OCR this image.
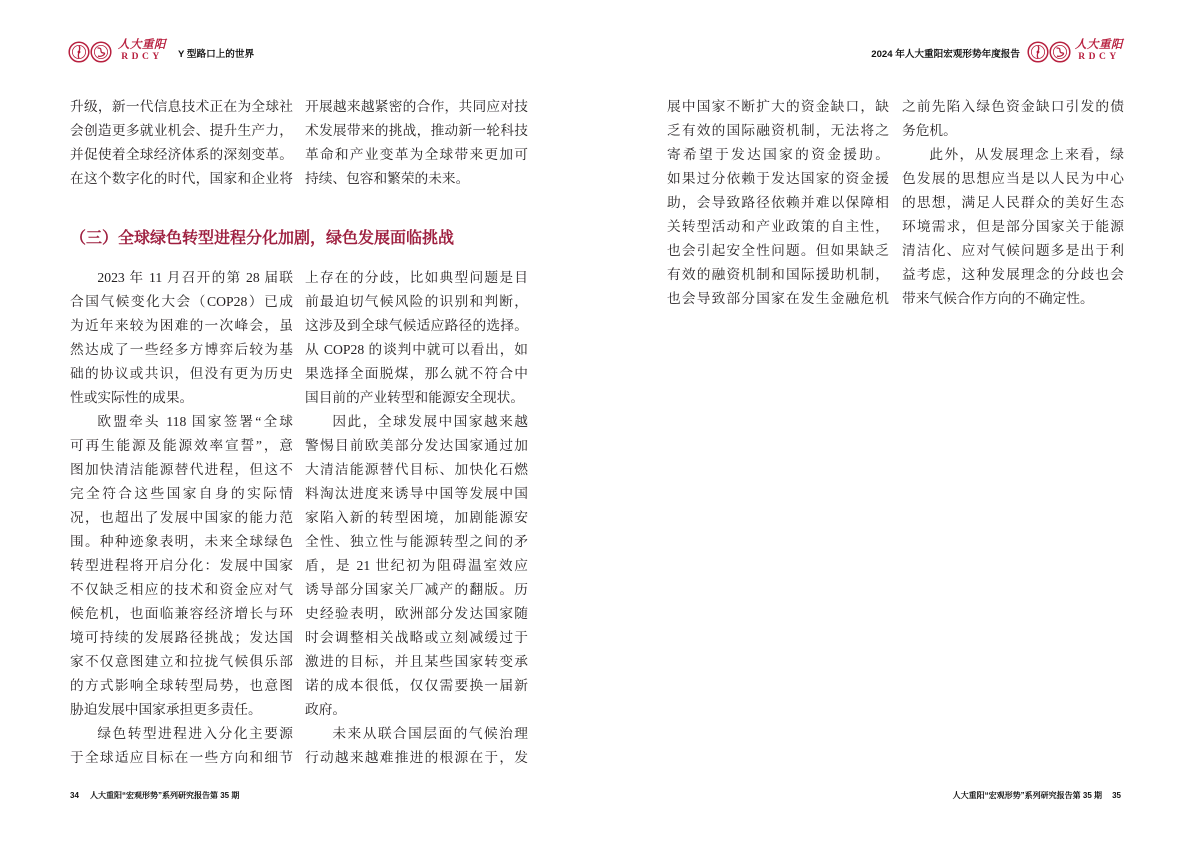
人大重阳
RDCY	Y 型路口上的世界
升级，新一代信息技术正在为全球社
会创造更多就业机会、提升生产力，
并促使着全球经济体系的深刻变革。
在这个数字化的时代，国家和企业将
开展越来越紧密的合作，共同应对技
术发展带来的挑战，推动新一轮科技
革命和产业变革为全球带来更加可
持续、包容和繁荣的未来。
（三）全球绿色转型进程分化加剧，绿色发展面临挑战
2023 年 11 月召开的第 28 届联
合国气候变化大会（COP28）已成
为近年来较为困难的一次峰会，虽
然达成了一些经多方博弈后较为基
础的协议或共识，但没有更为历史
性或实际性的成果。
欧盟牵头 118 国家签署“全球
可再生能源及能源效率宣誓”，意
图加快清洁能源替代进程，但这不
完全符合这些国家自身的实际情
况，也超出了发展中国家的能力范
围。种种迹象表明，未来全球绿色
转型进程将开启分化：发展中国家
不仅缺乏相应的技术和资金应对气
候危机，也面临兼容经济增长与环
境可持续的发展路径挑战；发达国
家不仅意图建立和拉拢气候俱乐部
的方式影响全球转型局势，也意图
胁迫发展中国家承担更多责任。
绿色转型进程进入分化主要源
于全球适应目标在一些方向和细节
上存在的分歧，比如典型问题是目
前最迫切气候风险的识别和判断，
这涉及到全球气候适应路径的选择。
从 COP28 的谈判中就可以看出，如
果选择全面脱煤，那么就不符合中
国目前的产业转型和能源安全现状。
因此，全球发展中国家越来越
警惕目前欧美部分发达国家通过加
大清洁能源替代目标、加快化石燃
料淘汰进度来诱导中国等发展中国
家陷入新的转型困境，加剧能源安
全性、独立性与能源转型之间的矛
盾，是 21 世纪初为阻碍温室效应
诱导部分国家关厂减产的翻版。历
史经验表明，欧洲部分发达国家随
时会调整相关战略或立刻减缓过于
激进的目标，并且某些国家转变承
诺的成本很低，仅仅需要换一届新
政府。
未来从联合国层面的气候治理
行动越来越难推进的根源在于，发
34 人大重阳“宏观形势”系列研究报告第 35 期
2024 年人大重阳宏观形势年度报告
人大重阳
RDCY
展中国家不断扩大的资金缺口，缺
乏有效的国际融资机制，无法将之
寄希望于发达国家的资金援助。
如果过分依赖于发达国家的资金援
助，会导致路径依赖并难以保障相
关转型活动和产业政策的自主性，
也会引起安全性问题。但如果缺乏
有效的融资机制和国际援助机制，
也会导致部分国家在发生金融危机
之前先陷入绿色资金缺口引发的债
务危机。
此外，从发展理念上来看，绿
色发展的思想应当是以人民为中心
的思想，满足人民群众的美好生态
环境需求，但是部分国家关于能源
清洁化、应对气候问题多是出于利
益考虑，这种发展理念的分歧也会
带来气候合作方向的不确定性。
人大重阳“宏观形势”系列研究报告第 35 期 35
